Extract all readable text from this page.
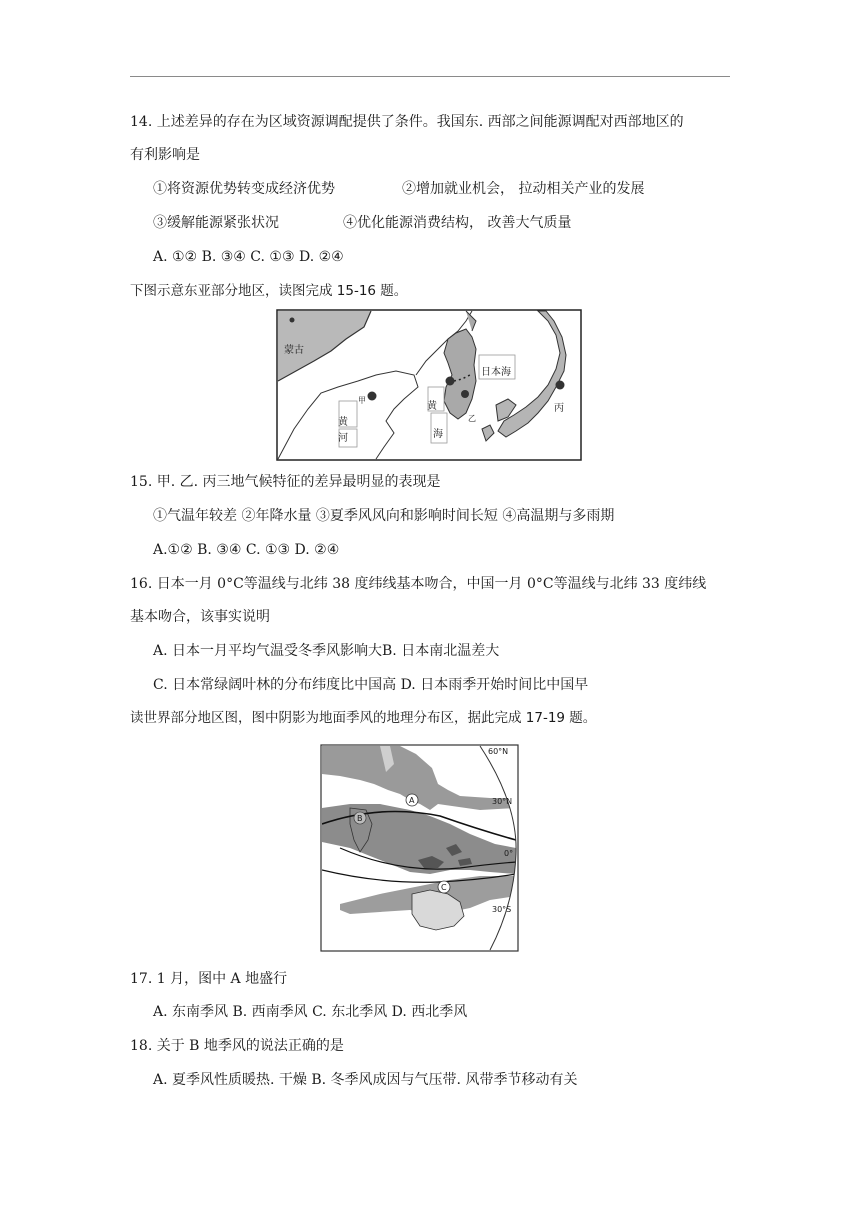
14. 上述差异的存在为区域资源调配提供了条件。我国东. 西部之间能源调配对西部地区的
有利影响是
①将资源优势转变成经济优势	②增加就业机会， 拉动相关产业的发展
③缓解能源紧张状况	④优化能源消费结构， 改善大气质量
A. ①② B. ③④ C. ①③ D. ②④
下图示意东亚部分地区，读图完成 15-16 题。
蒙古
甲
黄
河
黄
海
日本海
乙
丙
15. 甲. 乙. 丙三地气候特征的差异最明显的表现是
①气温年较差 ②年降水量 ③夏季风风向和影响时间长短 ④高温期与多雨期
A.①② B. ③④ C. ①③ D. ②④
16. 日本一月 0°C等温线与北纬 38 度纬线基本吻合，中国一月 0°C等温线与北纬 33 度纬线
基本吻合，该事实说明
A. 日本一月平均气温受冬季风影响大B. 日本南北温差大
C. 日本常绿阔叶林的分布纬度比中国高 D. 日本雨季开始时间比中国早
读世界部分地区图，图中阴影为地面季风的地理分布区，据此完成 17-19 题。
60°N
30°N
0°
30°S
A
B
C
17. 1 月，图中 A 地盛行
A. 东南季风 B. 西南季风 C. 东北季风 D. 西北季风
18. 关于 B 地季风的说法正确的是
A. 夏季风性质暖热. 干燥 B. 冬季风成因与气压带. 风带季节移动有关
